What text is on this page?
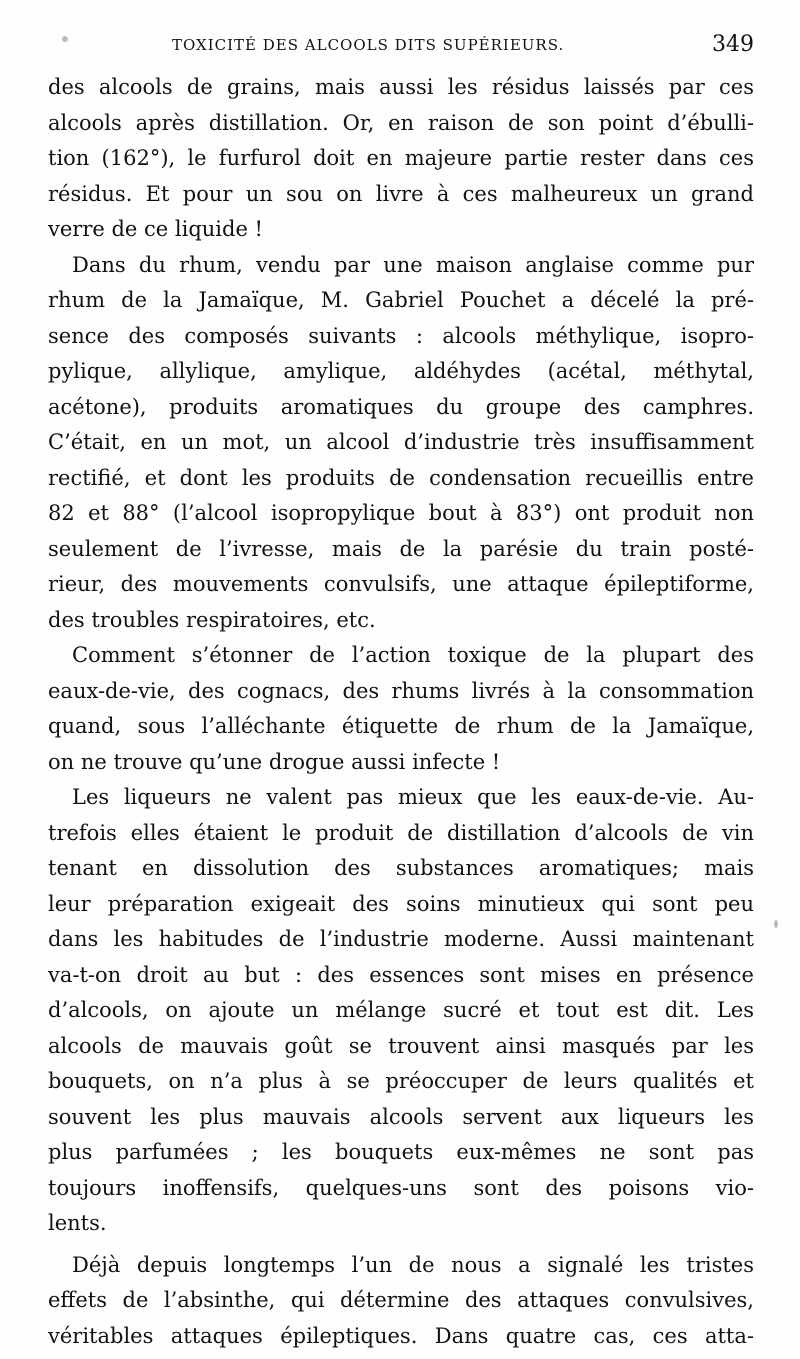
TOXICITÉ DES ALCOOLS DITS SUPÉRIEURS.	349
des alcools de grains, mais aussi les résidus laissés par ces
alcools après distillation. Or, en raison de son point d’ébulli-
tion (162°), le furfurol doit en majeure partie rester dans ces
résidus. Et pour un sou on livre à ces malheureux un grand
verre de ce liquide !
Dans du rhum, vendu par une maison anglaise comme pur
rhum de la Jamaïque, M. Gabriel Pouchet a décelé la pré-
sence des composés suivants : alcools méthylique, isopro-
pylique, allylique, amylique, aldéhydes (acétal, méthytal,
acétone), produits aromatiques du groupe des camphres.
C’était, en un mot, un alcool d’industrie très insuffisamment
rectifié, et dont les produits de condensation recueillis entre
82 et 88° (l’alcool isopropylique bout à 83°) ont produit non
seulement de l’ivresse, mais de la parésie du train posté-
rieur, des mouvements convulsifs, une attaque épileptiforme,
des troubles respiratoires, etc.
Comment s’étonner de l’action toxique de la plupart des
eaux-de-vie, des cognacs, des rhums livrés à la consommation
quand, sous l’alléchante étiquette de rhum de la Jamaïque,
on ne trouve qu’une drogue aussi infecte !
Les liqueurs ne valent pas mieux que les eaux-de-vie. Au-
trefois elles étaient le produit de distillation d’alcools de vin
tenant en dissolution des substances aromatiques; mais
leur préparation exigeait des soins minutieux qui sont peu
dans les habitudes de l’industrie moderne. Aussi maintenant
va-t-on droit au but : des essences sont mises en présence
d’alcools, on ajoute un mélange sucré et tout est dit. Les
alcools de mauvais goût se trouvent ainsi masqués par les
bouquets, on n’a plus à se préoccuper de leurs qualités et
souvent les plus mauvais alcools servent aux liqueurs les
plus parfumées ; les bouquets eux-mêmes ne sont pas
toujours inoffensifs, quelques-uns sont des poisons vio-
lents.
Déjà depuis longtemps l’un de nous a signalé les tristes
effets de l’absinthe, qui détermine des attaques convulsives,
véritables attaques épileptiques. Dans quatre cas, ces atta-
